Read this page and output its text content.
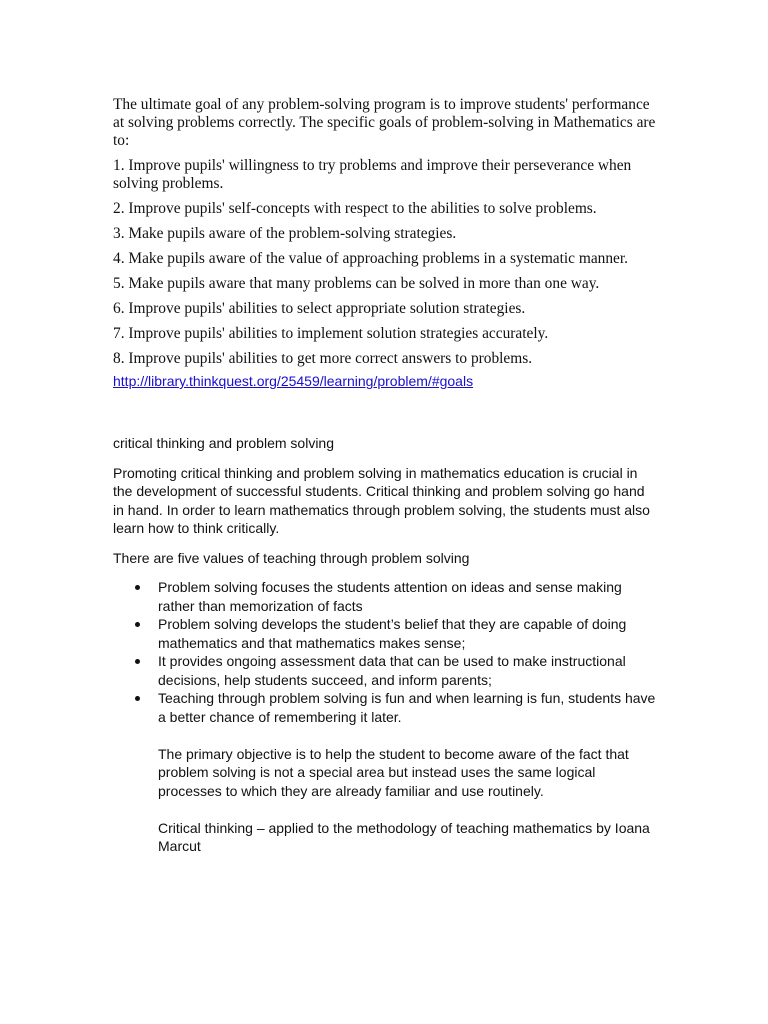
The ultimate goal of any problem-solving program is to improve students' performance at solving problems correctly. The specific goals of problem-solving in Mathematics are to:

1. Improve pupils' willingness to try problems and improve their perseverance when solving problems.

2. Improve pupils' self-concepts with respect to the abilities to solve problems.

3. Make pupils aware of the problem-solving strategies.

4. Make pupils aware of the value of approaching problems in a systematic manner.

5. Make pupils aware that many problems can be solved in more than one way.

6. Improve pupils' abilities to select appropriate solution strategies.

7. Improve pupils' abilities to implement solution strategies accurately.

8. Improve pupils' abilities to get more correct answers to problems.

http://library.thinkquest.org/25459/learning/problem/#goals

critical thinking and problem solving

Promoting critical thinking and problem solving in mathematics education is crucial in the development of successful students. Critical thinking and problem solving go hand in hand. In order to learn mathematics through problem solving, the students must also learn how to think critically.

There are five values of teaching through problem solving

Problem solving focuses the students attention on ideas and sense making rather than memorization of facts
Problem solving develops the student’s belief that they are capable of doing mathematics and that mathematics makes sense;
It provides ongoing assessment data that can be used to make instructional decisions, help students succeed, and inform parents;
Teaching through problem solving is fun and when learning is fun, students have a better chance of remembering it later.

The primary objective is to help the student to become aware of the fact that problem solving is not a special area but instead uses the same logical processes to which they are already familiar and use routinely.

Critical thinking – applied to the methodology of teaching mathematics by Ioana Marcut
